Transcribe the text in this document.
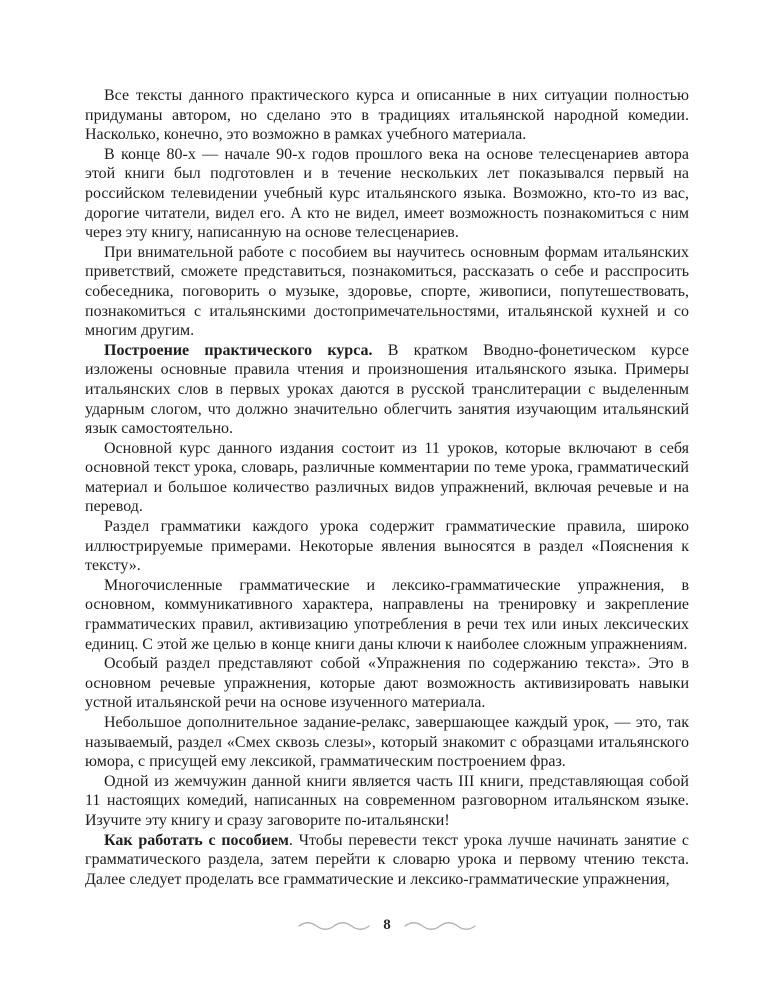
Все тексты данного практического курса и описанные в них ситуации полностью придуманы автором, но сделано это в традициях итальянской народной комедии. Насколько, конечно, это возможно в рамках учебного материала.

В конце 80-х — начале 90-х годов прошлого века на основе телесценариев автора этой книги был подготовлен и в течение нескольких лет показывался первый на российском телевидении учебный курс итальянского языка. Возможно, кто-то из вас, дорогие читатели, видел его. А кто не видел, имеет возможность познакомиться с ним через эту книгу, написанную на основе телесценариев.

При внимательной работе с пособием вы научитесь основным формам итальянских приветствий, сможете представиться, познакомиться, рассказать о себе и расспросить собеседника, поговорить о музыке, здоровье, спорте, живописи, попутешествовать, познакомиться с итальянскими достопримечательностями, итальянской кухней и со многим другим.

Построение практического курса. В кратком Вводно-фонетическом курсе изложены основные правила чтения и произношения итальянского языка. Примеры итальянских слов в первых уроках даются в русской транслитерации с выделенным ударным слогом, что должно значительно облегчить занятия изучающим итальянский язык самостоятельно.

Основной курс данного издания состоит из 11 уроков, которые включают в себя основной текст урока, словарь, различные комментарии по теме урока, грамматический материал и большое количество различных видов упражнений, включая речевые и на перевод.

Раздел грамматики каждого урока содержит грамматические правила, широко иллюстрируемые примерами. Некоторые явления выносятся в раздел «Пояснения к тексту».

Многочисленные грамматические и лексико-грамматические упражнения, в основном, коммуникативного характера, направлены на тренировку и закрепление грамматических правил, активизацию употребления в речи тех или иных лексических единиц. С этой же целью в конце книги даны ключи к наиболее сложным упражнениям.

Особый раздел представляют собой «Упражнения по содержанию текста». Это в основном речевые упражнения, которые дают возможность активизировать навыки устной итальянской речи на основе изученного материала.

Небольшое дополнительное задание-релакс, завершающее каждый урок, — это, так называемый, раздел «Смех сквозь слезы», который знакомит с образцами итальянского юмора, с присущей ему лексикой, грамматическим построением фраз.

Одной из жемчужин данной книги является часть III книги, представляющая собой 11 настоящих комедий, написанных на современном разговорном итальянском языке. Изучите эту книгу и сразу заговорите по-итальянски!

Как работать с пособием. Чтобы перевести текст урока лучше начинать занятие с грамматического раздела, затем перейти к словарю урока и первому чтению текста. Далее следует проделать все грамматические и лексико-грамматические упражнения,

8
